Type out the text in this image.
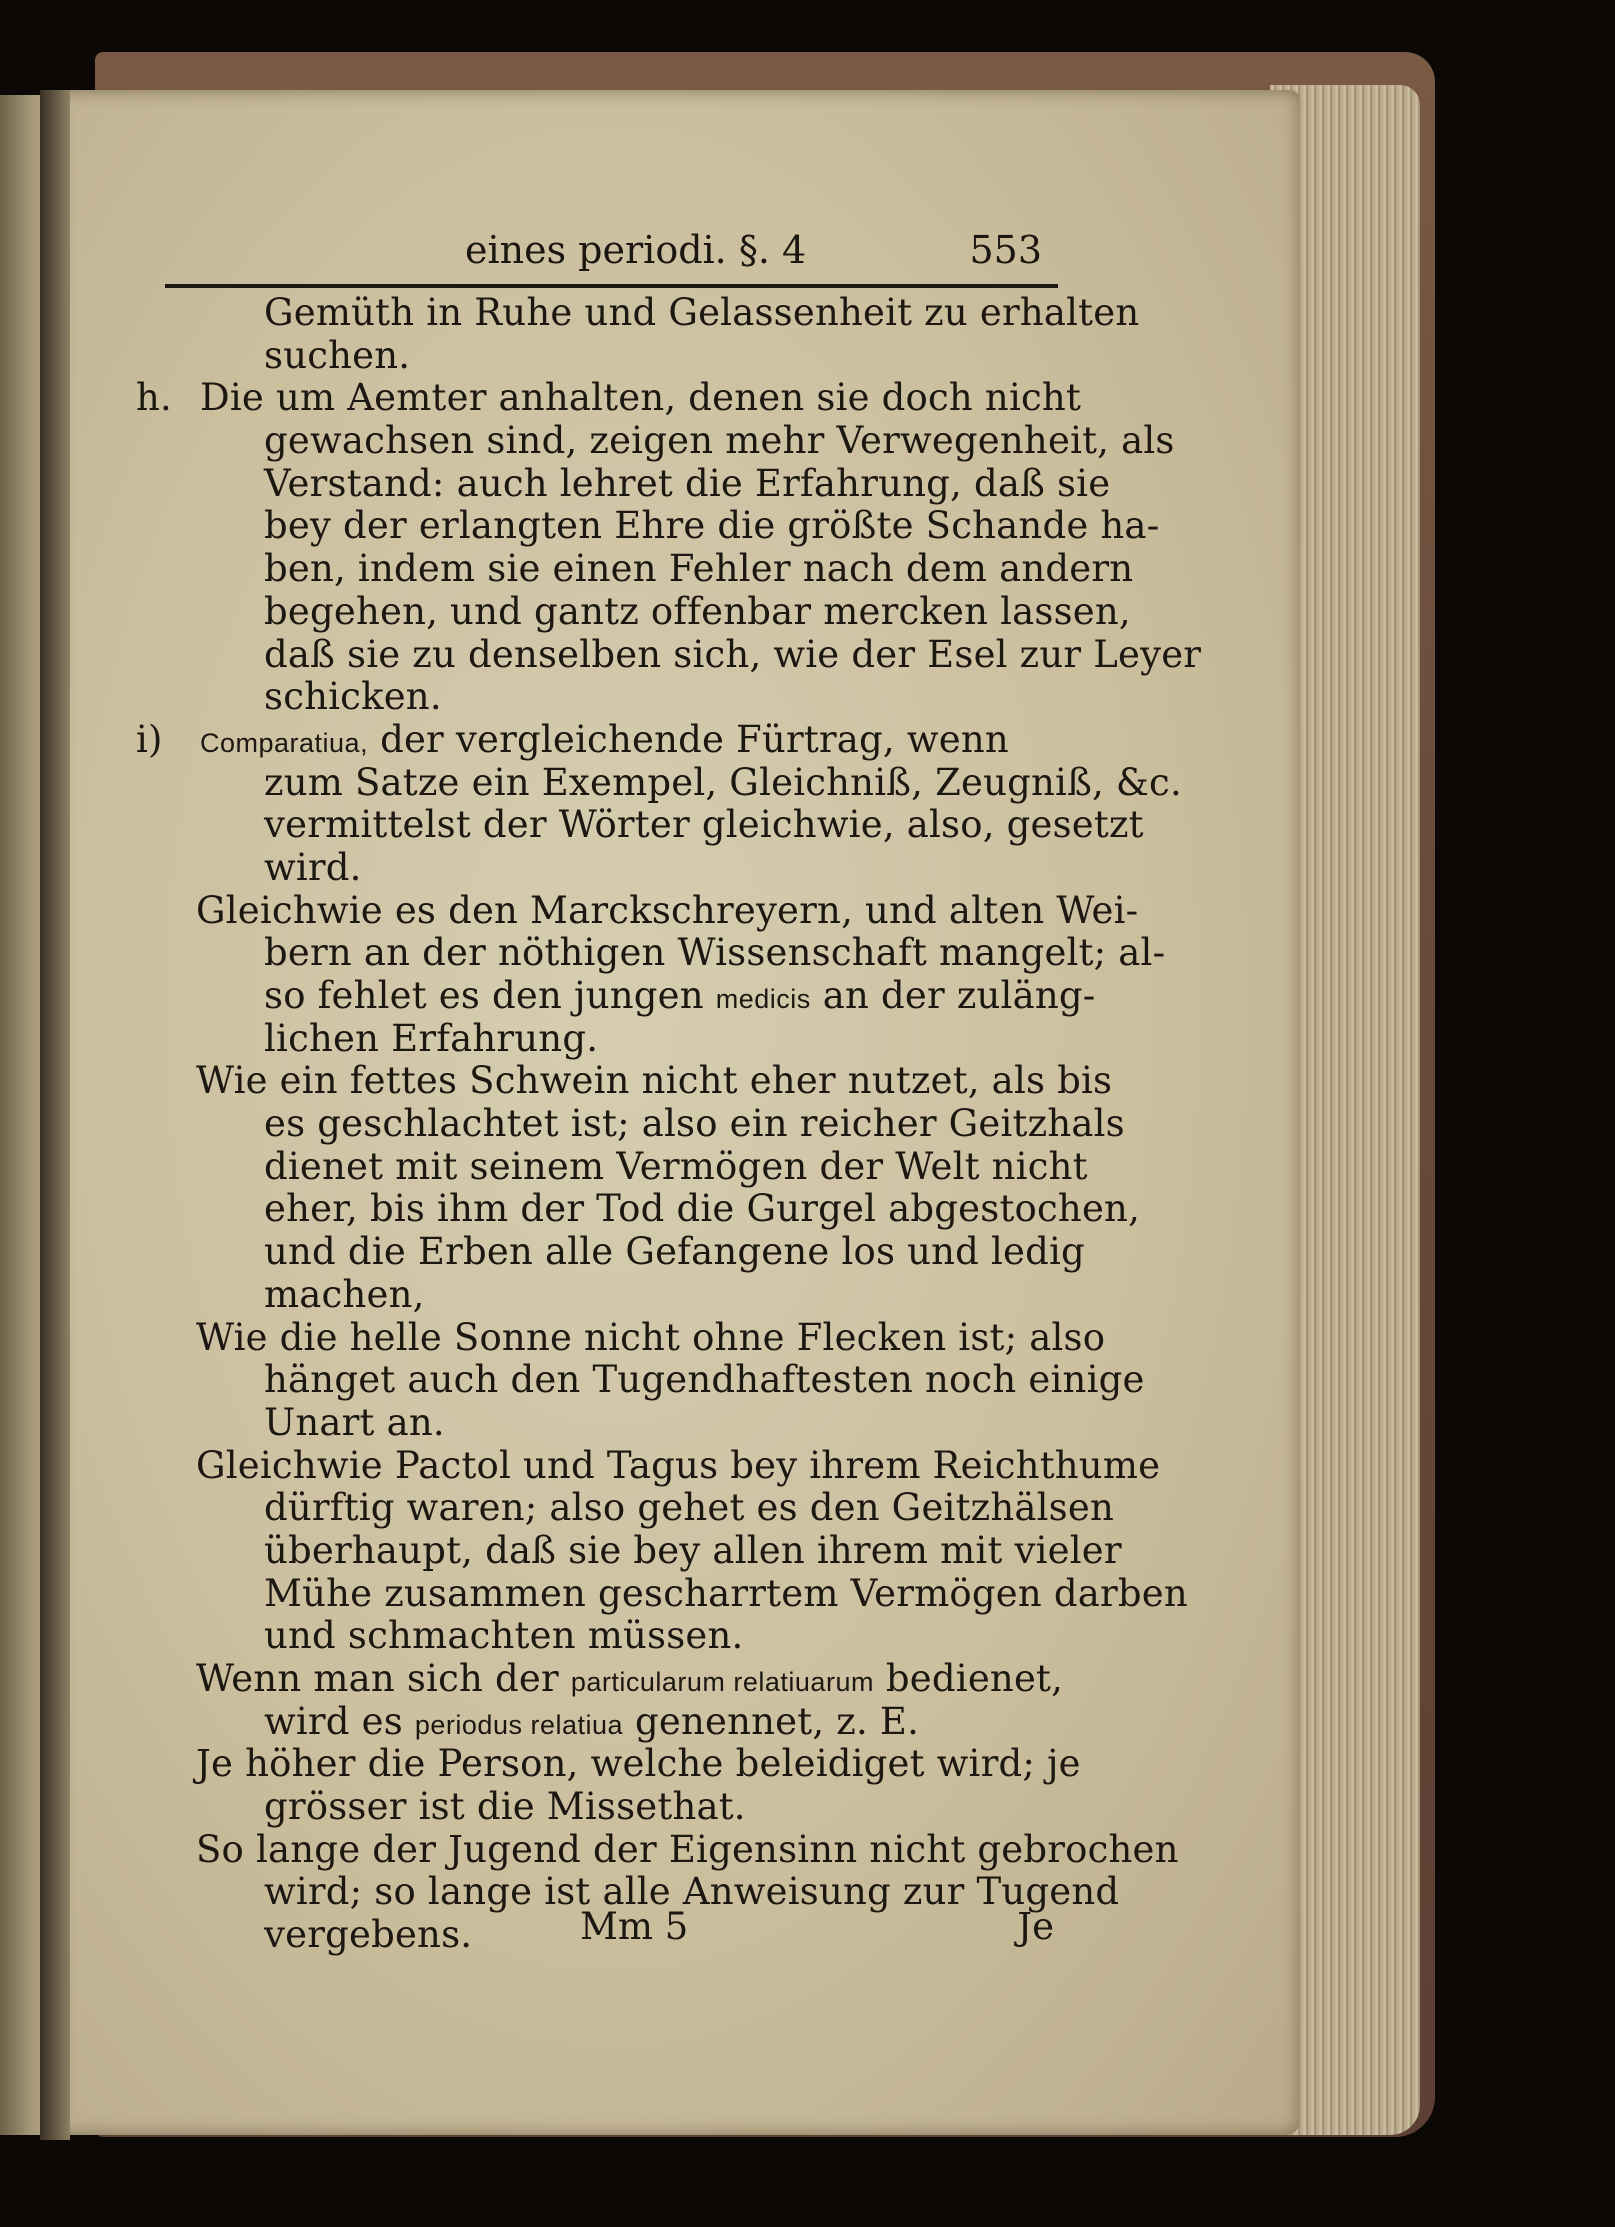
eines periodi. §. 4	553
Gemüth in Ruhe und Gelassenheit zu erhalten
suchen.
h. Die um Aemter anhalten, denen sie doch nicht
gewachsen sind, zeigen mehr Verwegenheit, als
Verstand: auch lehret die Erfahrung, daß sie
bey der erlangten Ehre die größte Schande ha-
ben, indem sie einen Fehler nach dem andern
begehen, und gantz offenbar mercken lassen,
daß sie zu denselben sich, wie der Esel zur Leyer
schicken.
i) Comparatiua, der vergleichende Fürtrag, wenn
zum Satze ein Exempel, Gleichniß, Zeugniß, &c.
vermittelst der Wörter gleichwie, also, gesetzt
wird.
Gleichwie es den Marckschreyern, und alten Wei-
bern an der nöthigen Wissenschaft mangelt; al-
so fehlet es den jungen medicis an der zuläng-
lichen Erfahrung.
Wie ein fettes Schwein nicht eher nutzet, als bis
es geschlachtet ist; also ein reicher Geitzhals
dienet mit seinem Vermögen der Welt nicht
eher, bis ihm der Tod die Gurgel abgestochen,
und die Erben alle Gefangene los und ledig
machen,
Wie die helle Sonne nicht ohne Flecken ist; also
hänget auch den Tugendhaftesten noch einige
Unart an.
Gleichwie Pactol und Tagus bey ihrem Reichthume
dürftig waren; also gehet es den Geitzhälsen
überhaupt, daß sie bey allen ihrem mit vieler
Mühe zusammen gescharrtem Vermögen darben
und schmachten müssen.
Wenn man sich der particularum relatiuarum bedienet,
wird es periodus relatiua genennet, z. E.
Je höher die Person, welche beleidiget wird; je
grösser ist die Missethat.
So lange der Jugend der Eigensinn nicht gebrochen
wird; so lange ist alle Anweisung zur Tugend
vergebens.	Mm 5	Je
